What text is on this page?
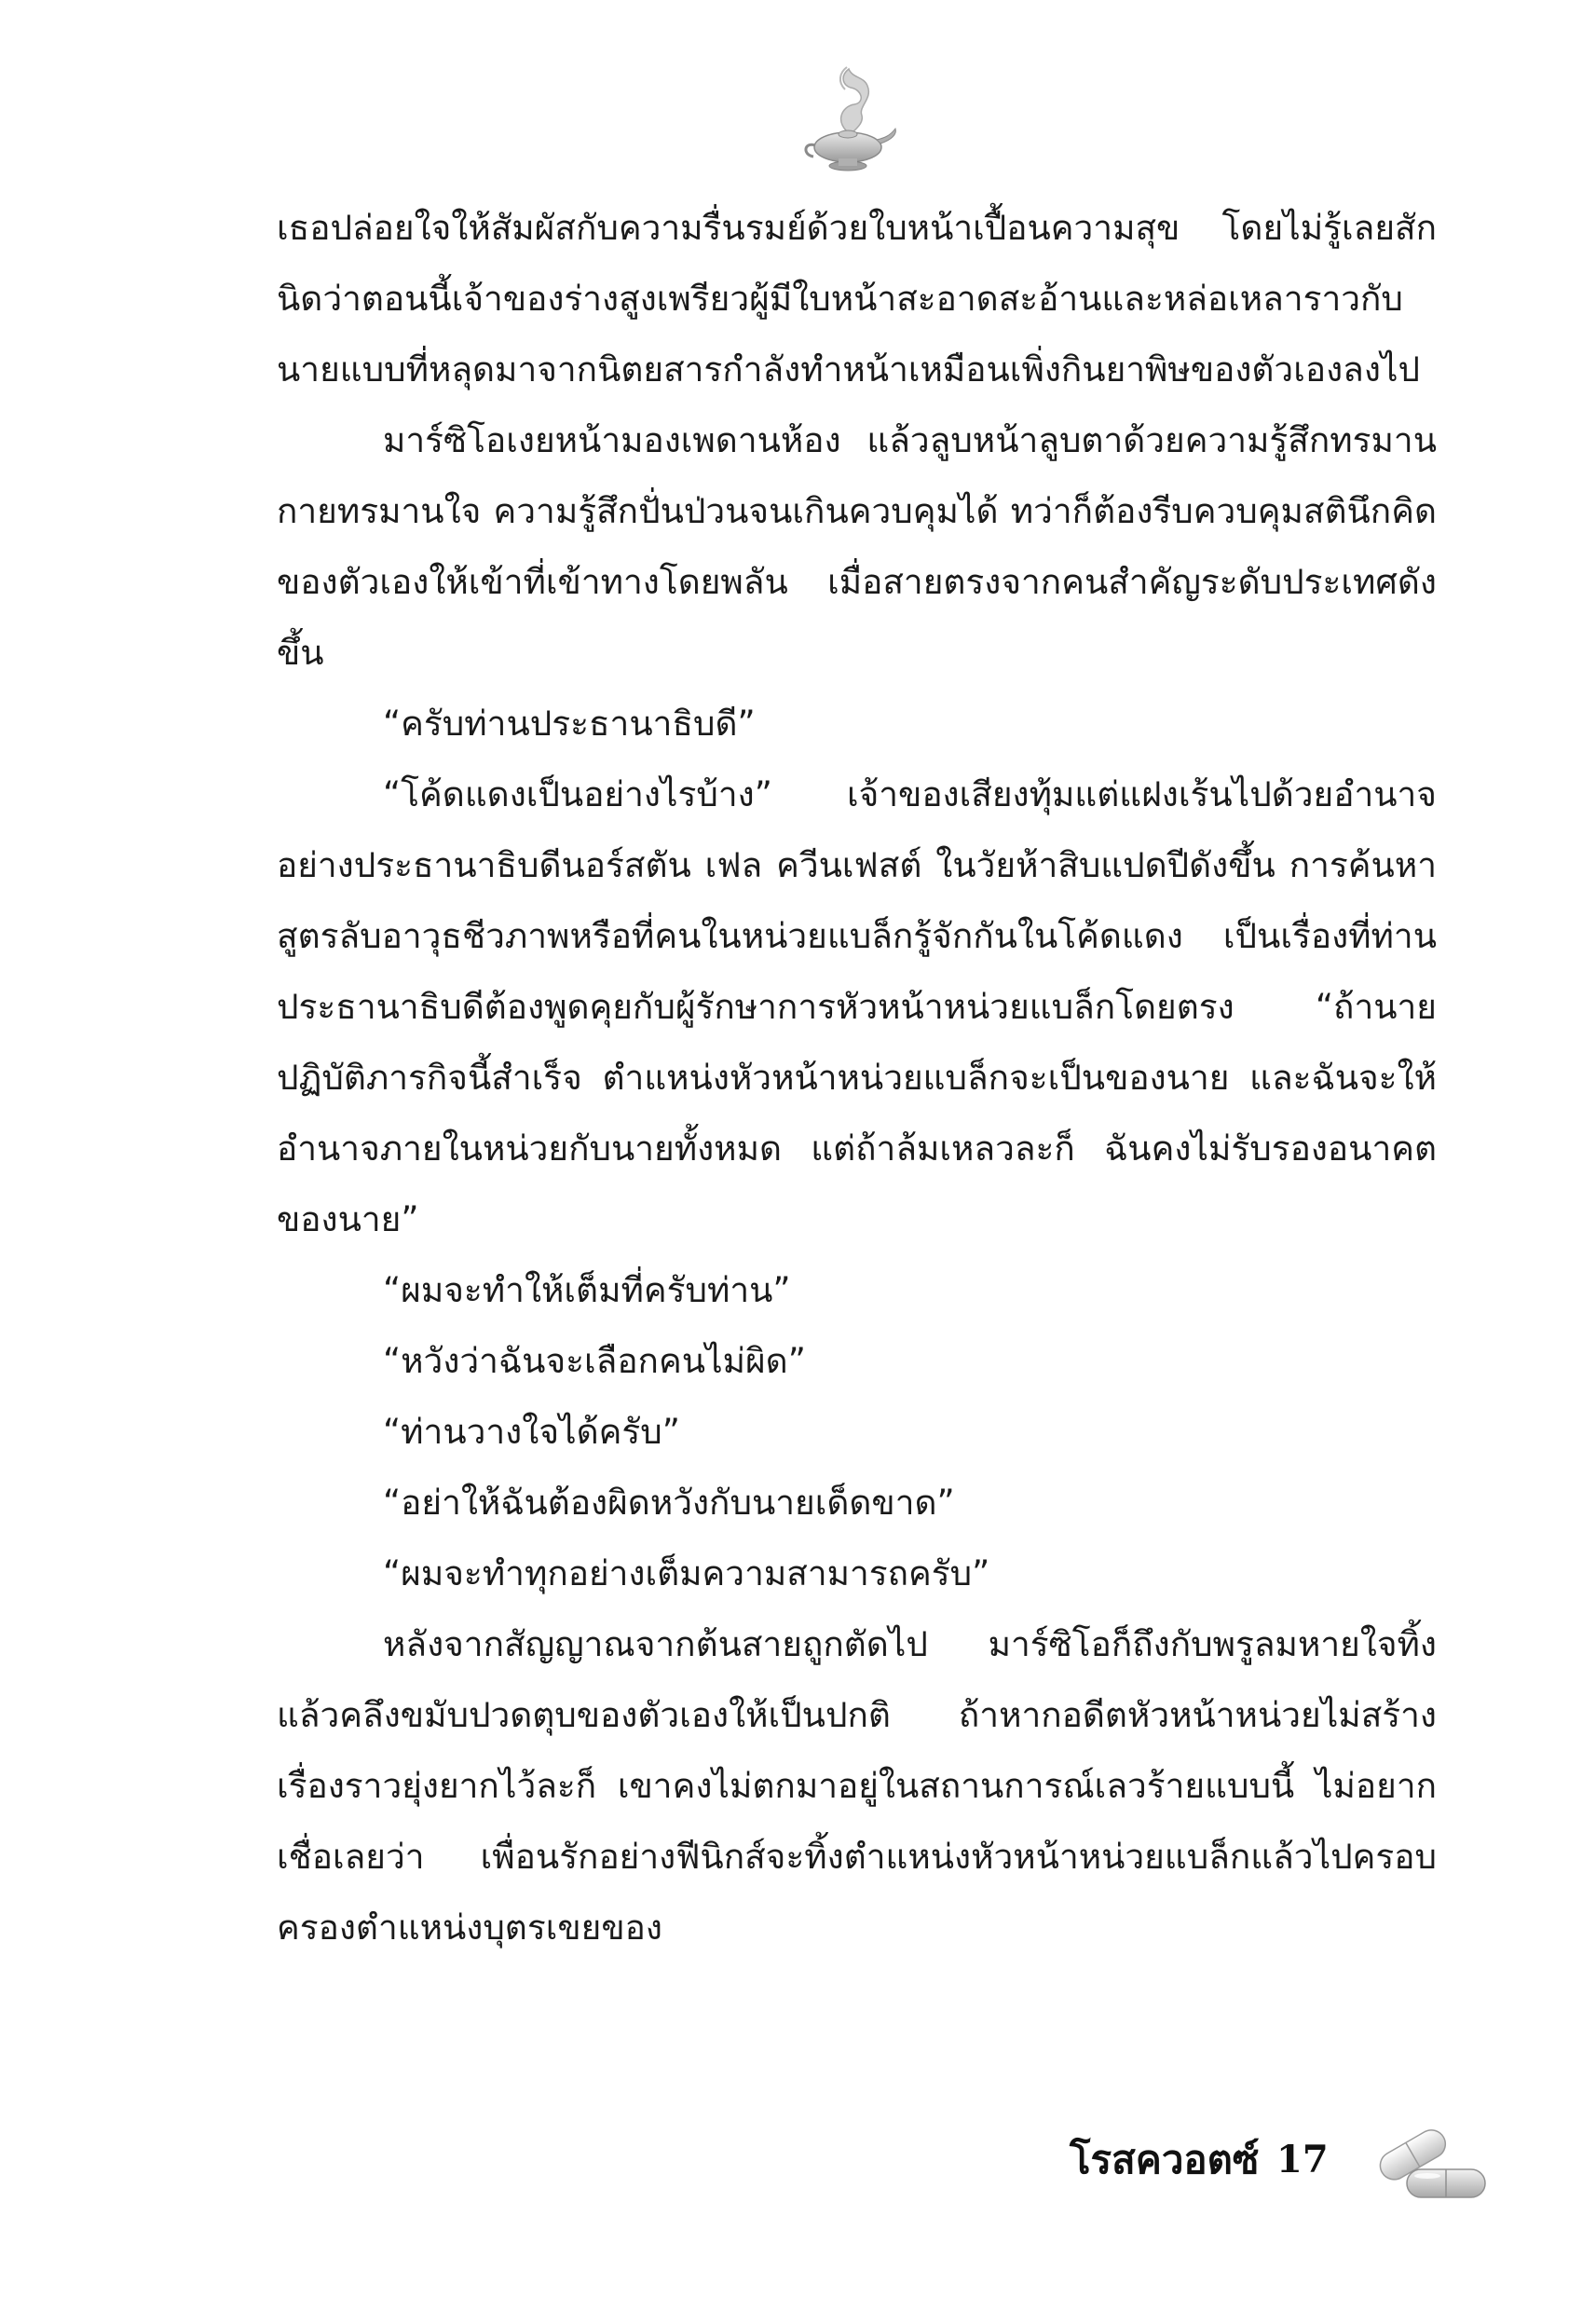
เธอปล่อยใจให้สัมผัสกับความรื่นรมย์ด้วยใบหน้าเปื้อนความสุข โดยไม่รู้เลยสักนิดว่าตอนนี้เจ้าของร่างสูงเพรียวผู้มีใบหน้าสะอาดสะอ้านและหล่อเหลาราวกับนายแบบที่หลุดมาจากนิตยสารกำลังทำหน้าเหมือนเพิ่งกินยาพิษของตัวเองลงไป

มาร์ซิโอเงยหน้ามองเพดานห้อง แล้วลูบหน้าลูบตาด้วยความรู้สึกทรมานกายทรมานใจ ความรู้สึกปั่นป่วนจนเกินควบคุมได้ ทว่าก็ต้องรีบควบคุมสตินึกคิดของตัวเองให้เข้าที่เข้าทางโดยพลัน เมื่อสายตรงจากคนสำคัญระดับประเทศดังขึ้น

“ครับท่านประธานาธิบดี”

“โค้ดแดงเป็นอย่างไรบ้าง” เจ้าของเสียงทุ้มแต่แฝงเร้นไปด้วยอำนาจอย่างประธานาธิบดีนอร์สตัน เฟล ควีนเฟสต์ ในวัยห้าสิบแปดปีดังขึ้น การค้นหาสูตรลับอาวุธชีวภาพหรือที่คนในหน่วยแบล็กรู้จักกันในโค้ดแดง เป็นเรื่องที่ท่านประธานาธิบดีต้องพูดคุยกับผู้รักษาการหัวหน้าหน่วยแบล็กโดยตรง “ถ้านายปฏิบัติภารกิจนี้สำเร็จ ตำแหน่งหัวหน้าหน่วยแบล็กจะเป็นของนาย และฉันจะให้อำนาจภายในหน่วยกับนายทั้งหมด แต่ถ้าล้มเหลวละก็ ฉันคงไม่รับรองอนาคตของนาย”

“ผมจะทำให้เต็มที่ครับท่าน”

“หวังว่าฉันจะเลือกคนไม่ผิด”

“ท่านวางใจได้ครับ”

“อย่าให้ฉันต้องผิดหวังกับนายเด็ดขาด”

“ผมจะทำทุกอย่างเต็มความสามารถครับ”

หลังจากสัญญาณจากต้นสายถูกตัดไป มาร์ซิโอก็ถึงกับพรูลมหายใจทิ้งแล้วคลึงขมับปวดตุบของตัวเองให้เป็นปกติ ถ้าหากอดีตหัวหน้าหน่วยไม่สร้างเรื่องราวยุ่งยากไว้ละก็ เขาคงไม่ตกมาอยู่ในสถานการณ์เลวร้ายแบบนี้ ไม่อยากเชื่อเลยว่า เพื่อนรักอย่างฟีนิกส์จะทิ้งตำแหน่งหัวหน้าหน่วยแบล็กแล้วไปครอบครองตำแหน่งบุตรเขยของ

โรสควอตซ์ 17
